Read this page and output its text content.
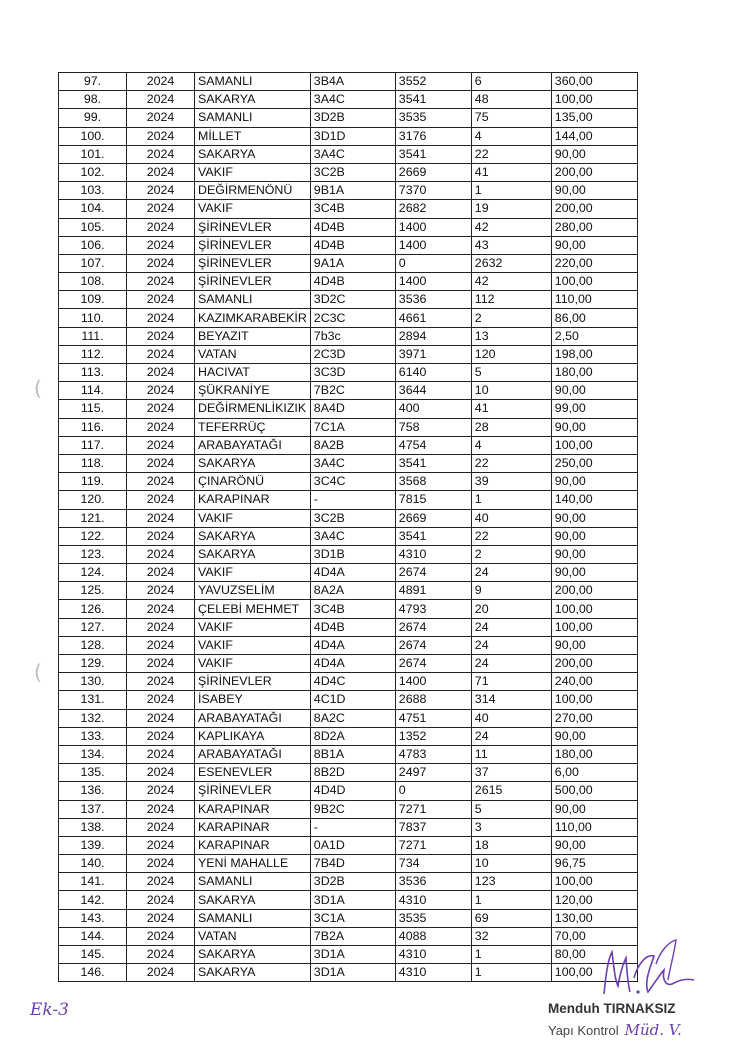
97.	2024	SAMANLI	3B4A	3552	6	360,00
98.	2024	SAKARYA	3A4C	3541	48	100,00
99.	2024	SAMANLI	3D2B	3535	75	135,00
100.	2024	MİLLET	3D1D	3176	4	144,00
101.	2024	SAKARYA	3A4C	3541	22	90,00
102.	2024	VAKIF	3C2B	2669	41	200,00
103.	2024	DEĞİRMENÖNÜ	9B1A	7370	1	90,00
104.	2024	VAKIF	3C4B	2682	19	200,00
105.	2024	ŞİRİNEVLER	4D4B	1400	42	280,00
106.	2024	ŞİRİNEVLER	4D4B	1400	43	90,00
107.	2024	ŞİRİNEVLER	9A1A	0	2632	220,00
108.	2024	ŞİRİNEVLER	4D4B	1400	42	100,00
109.	2024	SAMANLI	3D2C	3536	112	110,00
110.	2024	KAZIMKARABEKİR	2C3C	4661	2	86,00
111.	2024	BEYAZIT	7b3c	2894	13	2,50
112.	2024	VATAN	2C3D	3971	120	198,00
113.	2024	HACIVAT	3C3D	6140	5	180,00
114.	2024	ŞÜKRANİYE	7B2C	3644	10	90,00
115.	2024	DEĞİRMENLİKIZIK	8A4D	400	41	99,00
116.	2024	TEFERRÜÇ	7C1A	758	28	90,00
117.	2024	ARABAYATAĞI	8A2B	4754	4	100,00
118.	2024	SAKARYA	3A4C	3541	22	250,00
119.	2024	ÇINARÖNÜ	3C4C	3568	39	90,00
120.	2024	KARAPINAR	-	7815	1	140,00
121.	2024	VAKIF	3C2B	2669	40	90,00
122.	2024	SAKARYA	3A4C	3541	22	90,00
123.	2024	SAKARYA	3D1B	4310	2	90,00
124.	2024	VAKIF	4D4A	2674	24	90,00
125.	2024	YAVUZSELİM	8A2A	4891	9	200,00
126.	2024	ÇELEBİ MEHMET	3C4B	4793	20	100,00
127.	2024	VAKIF	4D4B	2674	24	100,00
128.	2024	VAKIF	4D4A	2674	24	90,00
129.	2024	VAKIF	4D4A	2674	24	200,00
130.	2024	ŞİRİNEVLER	4D4C	1400	71	240,00
131.	2024	İSABEY	4C1D	2688	314	100,00
132.	2024	ARABAYATAĞI	8A2C	4751	40	270,00
133.	2024	KAPLIKAYA	8D2A	1352	24	90,00
134.	2024	ARABAYATAĞI	8B1A	4783	11	180,00
135.	2024	ESENEVLER	8B2D	2497	37	6,00
136.	2024	ŞİRİNEVLER	4D4D	0	2615	500,00
137.	2024	KARAPINAR	9B2C	7271	5	90,00
138.	2024	KARAPINAR	-	7837	3	110,00
139.	2024	KARAPINAR	0A1D	7271	18	90,00
140.	2024	YENİ MAHALLE	7B4D	734	10	96,75
141.	2024	SAMANLI	3D2B	3536	123	100,00
142.	2024	SAKARYA	3D1A	4310	1	120,00
143.	2024	SAMANLI	3C1A	3535	69	130,00
144.	2024	VATAN	7B2A	4088	32	70,00
145.	2024	SAKARYA	3D1A	4310	1	80,00
146.	2024	SAKARYA	3D1A	4310	1	100,00
(
(
Ek-3	Menduh TIRNAKSIZ
Yapı Kontrol Müd. V.
